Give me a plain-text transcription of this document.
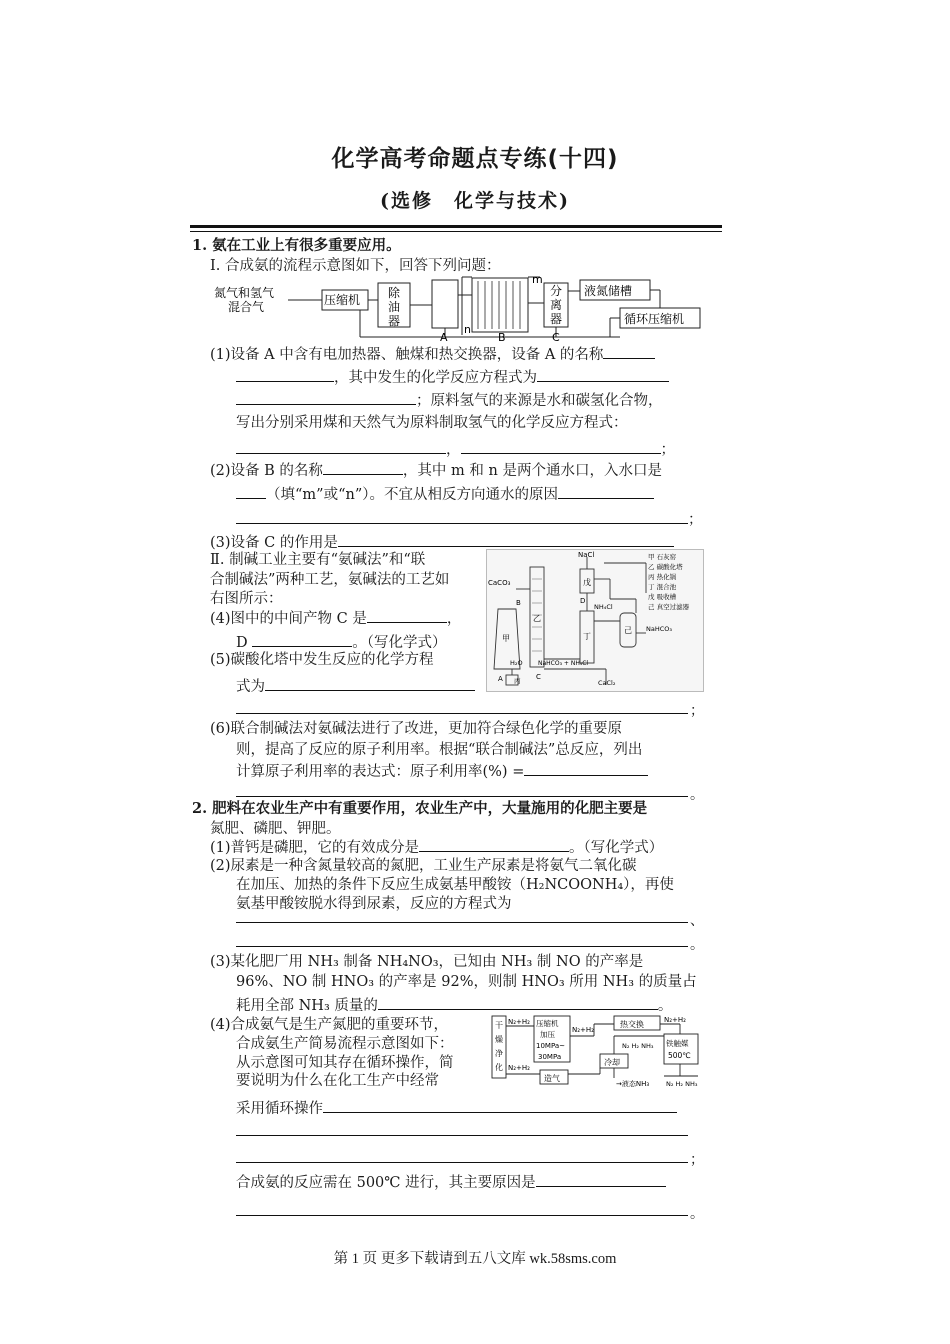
化学高考命题点专练(十四)
(选修　化学与技术)
1. 氨在工业上有很多重要应用。
Ⅰ. 合成氨的流程示意图如下，回答下列问题：
氮气和氢气
混合气	压缩机 除
油
器
A
n
B
m
分
离
器
C
液氮储槽
循环压缩机
(1)设备 A 中含有电加热器、触煤和热交换器，设备 A 的名称
，其中发生的化学反应方程式为
；原料氢气的来源是水和碳氢化合物，
写出分别采用煤和天然气为原料制取氢气的化学反应方程式：
，	；
(2)设备 B 的名称	，其中 m 和 n 是两个通水口，入水口是
（填“m”或“n”）。不宜从相反方向通水的原因
；
(3)设备 C 的作用是
Ⅱ. 制碱工业主要有“氨碱法”和“联
合制碱法”两种工艺，氨碱法的工艺如
右图所示：
(4)图中的中间产物 C 是	，
D	。（写化学式）
(5)碳酸化塔中发生反应的化学方程
式为
NaCl
CaCO₃
甲 石灰窑
乙 碳酸化塔
丙 热化锅
丁 混合池
戊 吸收槽
己 真空过滤器
甲
乙
戊
丁
己
NH₄Cl
NaHCO₃
NaHCO₃ + NH₄Cl
CaCl₂
H₂O
A
B
C
D
丙
；
(6)联合制碱法对氨碱法进行了改进，更加符合绿色化学的重要原
则，提高了反应的原子利用率。根据“联合制碱法”总反应，列出
计算原子利用率的表达式：原子利用率(%) =
。
2. 肥料在农业生产中有重要作用，农业生产中，大量施用的化肥主要是
氮肥、磷肥、钾肥。
(1)普钙是磷肥，它的有效成分是	。（写化学式）
(2)尿素是一种含氮量较高的氮肥，工业生产尿素是将氨气二氧化碳
在加压、加热的条件下反应生成氨基甲酸铵（H₂NCOONH₄），再使
氨基甲酸铵脱水得到尿素，反应的方程式为
、
。
(3)某化肥厂用 NH₃ 制备 NH₄NO₃，已知由 NH₃ 制 NO 的产率是
96%、NO 制 HNO₃ 的产率是 92%，则制 HNO₃ 所用 NH₃ 的质量占
耗用全部 NH₃ 质量的	。
(4)合成氨气是生产氮肥的重要环节，
合成氨生产简易流程示意图如下：
从示意图可知其存在循环操作，简
要说明为什么在化工生产中经常
干
燥
净
化
N₂+H₂ 压缩机
加压
10MPa~
30MPa
N₂+H₂
热交换	N₂+H₂
冷却
铁触媒
500℃
造气
N₂+H₂
→液态NH₃
N₂ H₂ NH₃
N₂ H₂ NH₃
采用循环操作
；
合成氨的反应需在 500℃ 进行，其主要原因是
。
第 1 页 更多下载请到五八文库 wk.58sms.com
